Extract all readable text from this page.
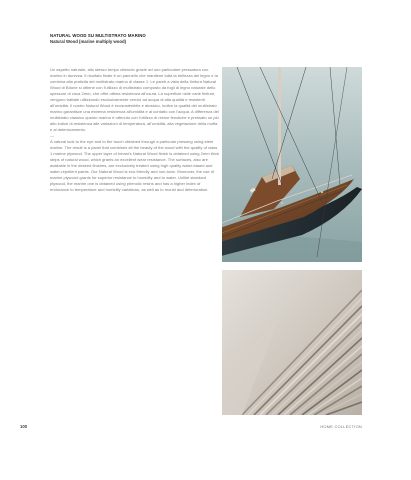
NATURAL WOOD SU MULTISTRATO MARINO
Natural Wood (marine multiply wood)

Un aspetto naturale, allo stesso tempo ottenuto grazie ad uno particolare pressatura con marino in durezza. Il risultato finale è un pannello che mantiene tutta la bellezza del legno e la combina alla praticità del multistrato marino di classe 1. Le pareti a vista della finitura Natural Wood di Bdone si ottiene con l'utilizzo di multistrato composto da fogli di legno naturale dello spessore di circa 2mm, che offre ottima resistenza all'usura. La superficie nelle varie finiture, vengono trattate utilizzando esclusivamente vernici ad acqua di alta qualità e resistenti all'umidità. Il nostro Natural Wood è ecosostenibile e atossico, inoltre la qualità del multistrato marino garantisce una estrema resistenza all'umidità e al contatto con l'acqua. A differenza del multistrato classico questo marino è ottenuto con l'utilizzo di resine fenoliche e pressato un più alto indice di resistenza alle variazioni di temperatura, all'umidità, alla vegetazione della muffa e al deterioramento.

—

A natural look to the eye and to the touch obtained through a particular pressing using steel marine. The result is a panel that combines all the beauty of the wood with the quality of class 1 marine plywood. The upper layer of Inbani's Natural Wood finish is obtained using 2mm thick strips of natural wood, which grants an excellent wear resistance. The surfaces, also are available in the desired finishes, are exclusively treated using high quality water-based and water-repellent paints. Our Natural Wood is eco-friendly and non-toxic. Moreover, the use of marine plywood grants for superior resistance to humidity and to water. Unlike standard plywood, the marine one is obtained using phenolic resins and has a higher index of endurance to temperature and humidity variations, as well as to mould and deterioration.

100	HOME COLLECTION
